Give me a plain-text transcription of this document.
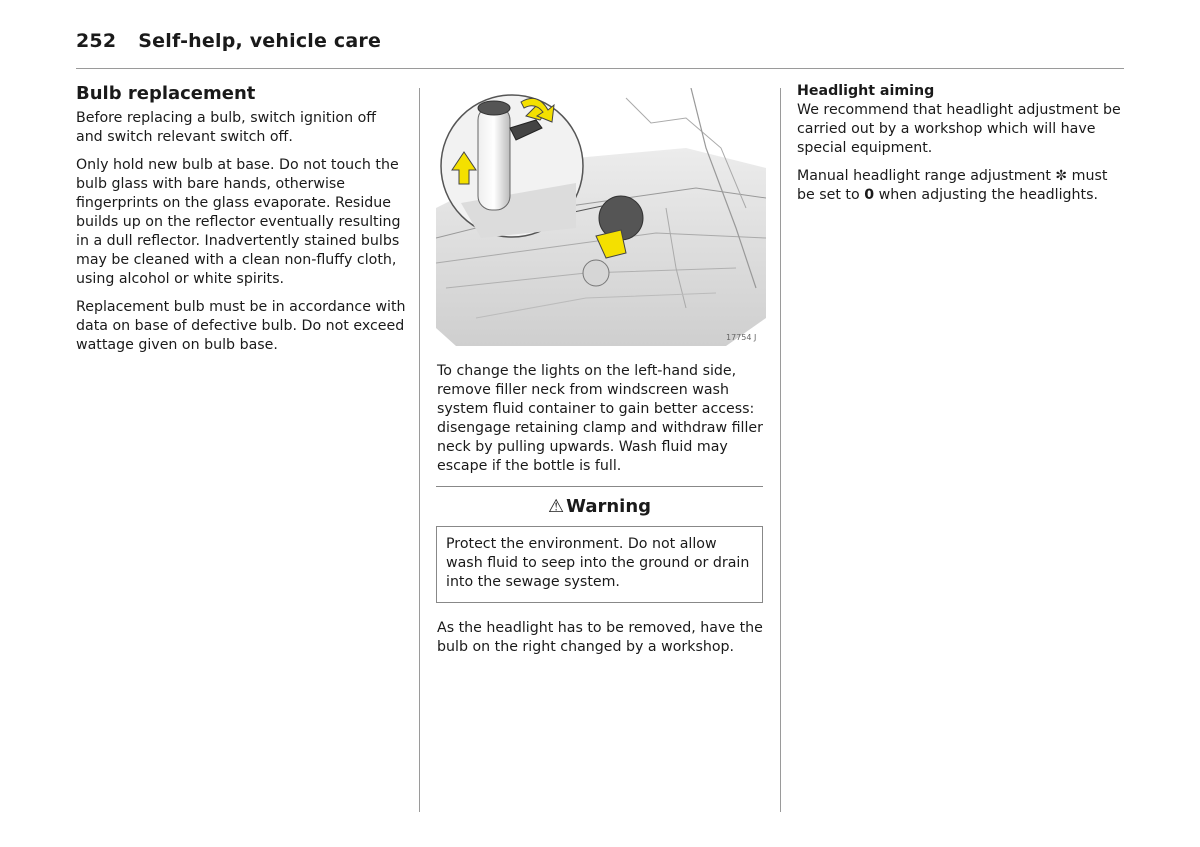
252 Self-help, vehicle care
Bulb replacement

Before replacing a bulb, switch ignition off and switch relevant switch off.

Only hold new bulb at base. Do not touch the bulb glass with bare hands, otherwise fingerprints on the glass evaporate. Residue builds up on the reflector eventually resulting in a dull reflector. Inadvertently stained bulbs may be cleaned with a clean non-fluffy cloth, using alcohol or white spirits.

Replacement bulb must be in accordance with data on base of defective bulb. Do not exceed wattage given on bulb base.	17754 J

To change the lights on the left-hand side, remove filler neck from windscreen wash system fluid container to gain better access: disengage retaining clamp and withdraw filler neck by pulling upwards. Wash fluid may escape if the bottle is full.

⚠ Warning
Protect the environment. Do not allow wash fluid to seep into the ground or drain into the sewage system.

As the headlight has to be removed, have the bulb on the right changed by a workshop.

Headlight aiming

We recommend that headlight adjustment be carried out by a workshop which will have special equipment.

Manual headlight range adjustment ✼ must be set to 0 when adjusting the headlights.
